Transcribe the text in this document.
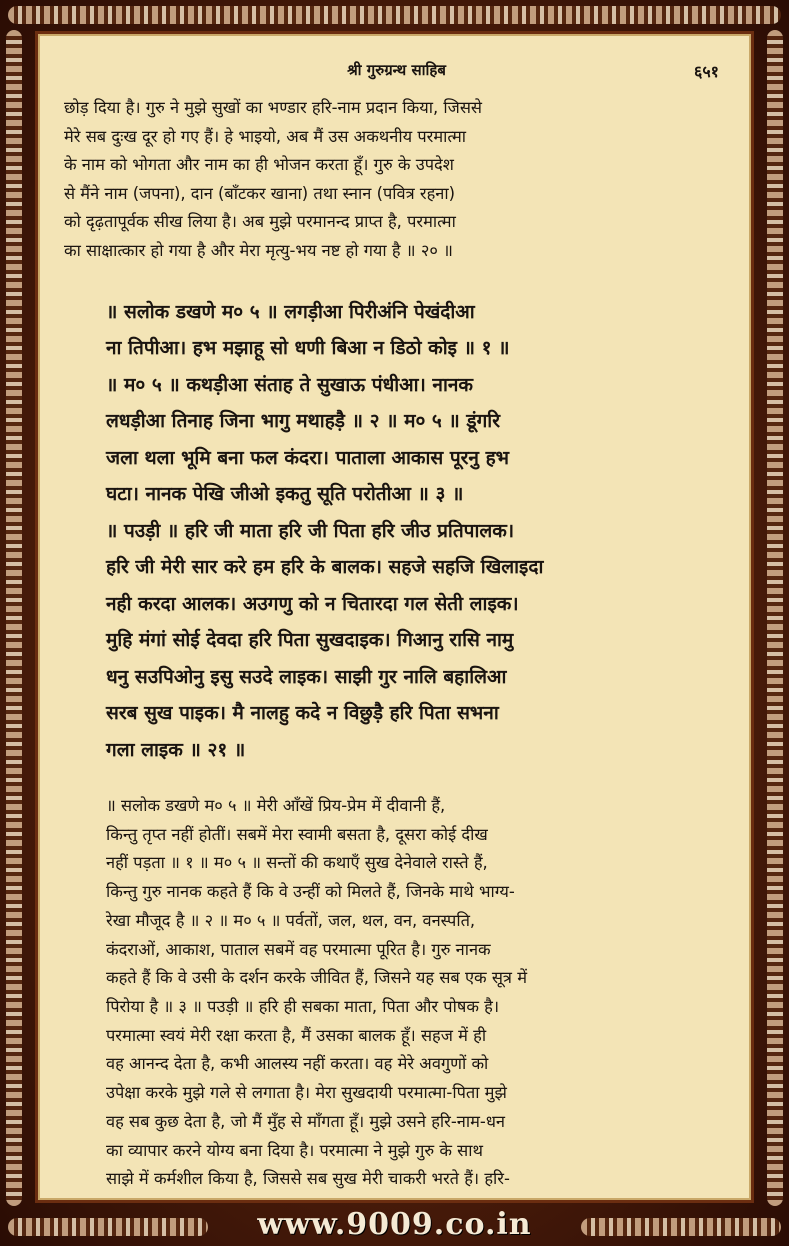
श्री गुरुग्रन्थ साहिब	६५१

छोड़ दिया है। गुरु ने मुझे सुखों का भण्डार हरि-नाम प्रदान किया, जिससे
मेरे सब दुःख दूर हो गए हैं। हे भाइयो, अब मैं उस अकथनीय परमात्मा
के नाम को भोगता और नाम का ही भोजन करता हूँ। गुरु के उपदेश
से मैंने नाम (जपना), दान (बाँटकर खाना) तथा स्नान (पवित्र रहना)
को दृढ़तापूर्वक सीख लिया है। अब मुझे परमानन्द प्राप्त है, परमात्मा
का साक्षात्कार हो गया है और मेरा मृत्यु-भय नष्ट हो गया है ॥ २० ॥

॥ सलोक डखणे म० ५ ॥ लगड़ीआ पिरीअंनि पेखंदीआ
ना तिपीआ। हभ मझाहू सो धणी बिआ न डिठो कोइ ॥ १ ॥
॥ म० ५ ॥ कथड़ीआ संताह ते सुखाऊ पंधीआ। नानक
लधड़ीआ तिनाह जिना भागु मथाहड़ै ॥ २ ॥ म० ५ ॥ डूंगरि
जला थला भूमि बना फल कंदरा। पाताला आकास पूरनु हभ
घटा। नानक पेखि जीओ इकतु सूति परोतीआ ॥ ३ ॥
॥ पउड़ी ॥ हरि जी माता हरि जी पिता हरि जीउ प्रतिपालक।
हरि जी मेरी सार करे हम हरि के बालक। सहजे सहजि खिलाइदा
नही करदा आलक। अउगणु को न चितारदा गल सेती लाइक।
मुहि मंगां सोई देवदा हरि पिता सुखदाइक। गिआनु रासि नामु
धनु सउपिओनु इसु सउदे लाइक। साझी गुर नालि बहालिआ
सरब सुख पाइक। मै नालहु कदे न विछुड़ै हरि पिता सभना
गला लाइक ॥ २१ ॥

॥ सलोक डखणे म० ५ ॥ मेरी आँखें प्रिय-प्रेम में दीवानी हैं,
किन्तु तृप्त नहीं होतीं। सबमें मेरा स्वामी बसता है, दूसरा कोई दीख
नहीं पड़ता ॥ १ ॥ म० ५ ॥ सन्तों की कथाएँ सुख देनेवाले रास्ते हैं,
किन्तु गुरु नानक कहते हैं कि वे उन्हीं को मिलते हैं, जिनके माथे भाग्य-
रेखा मौजूद है ॥ २ ॥ म० ५ ॥ पर्वतों, जल, थल, वन, वनस्पति,
कंदराओं, आकाश, पाताल सबमें वह परमात्मा पूरित है। गुरु नानक
कहते हैं कि वे उसी के दर्शन करके जीवित हैं, जिसने यह सब एक सूत्र में
पिरोया है ॥ ३ ॥ पउड़ी ॥ हरि ही सबका माता, पिता और पोषक है।
परमात्मा स्वयं मेरी रक्षा करता है, मैं उसका बालक हूँ। सहज में ही
वह आनन्द देता है, कभी आलस्य नहीं करता। वह मेरे अवगुणों को
उपेक्षा करके मुझे गले से लगाता है। मेरा सुखदायी परमात्मा-पिता मुझे
वह सब कुछ देता है, जो मैं मुँह से माँगता हूँ। मुझे उसने हरि-नाम-धन
का व्यापार करने योग्य बना दिया है। परमात्मा ने मुझे गुरु के साथ
साझे में कर्मशील किया है, जिससे सब सुख मेरी चाकरी भरते हैं। हरि-

www.9009.co.in
